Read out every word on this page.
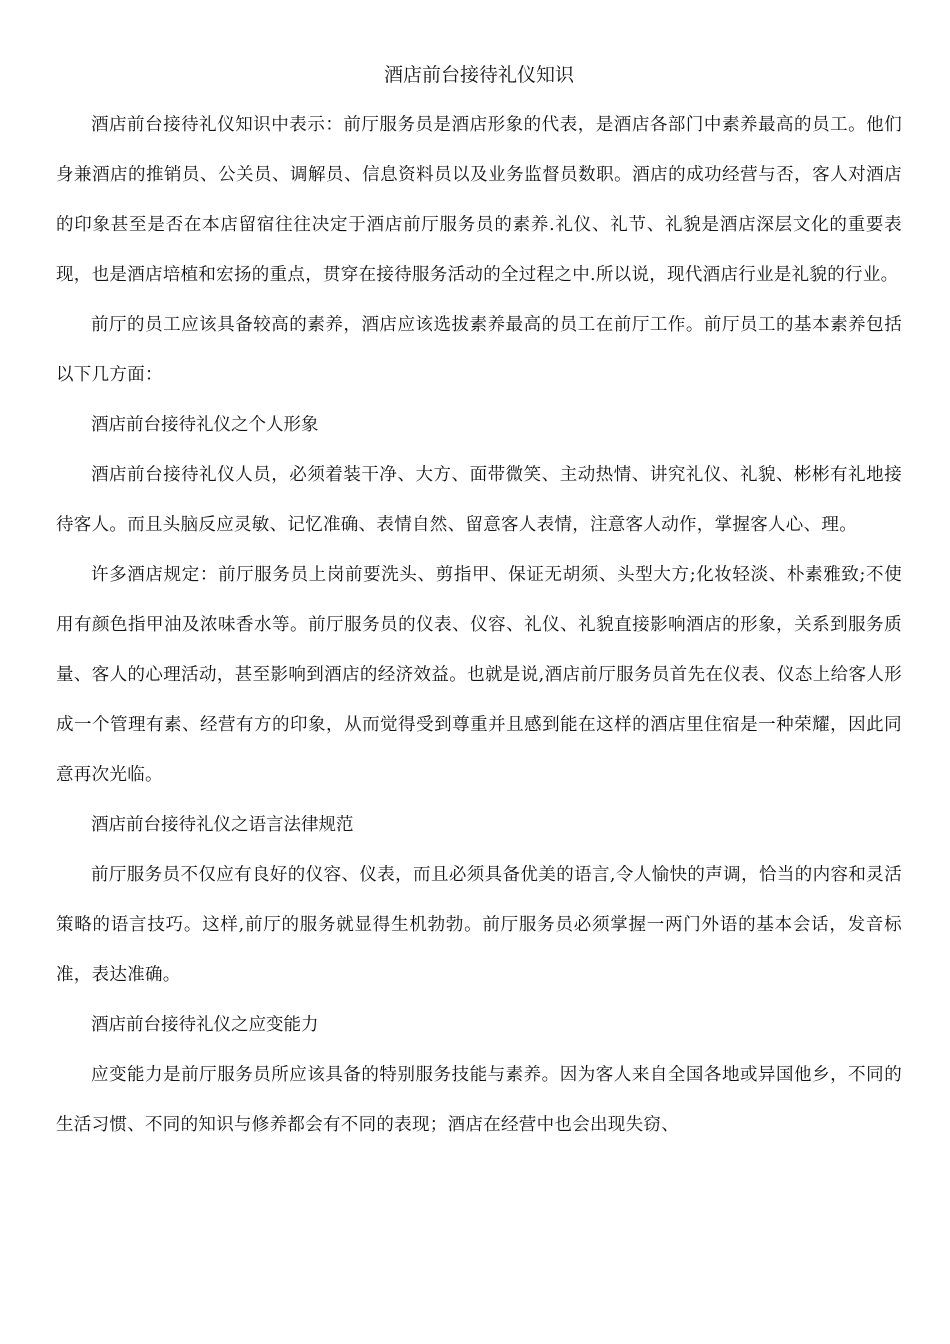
酒店前台接待礼仪知识

酒店前台接待礼仪知识中表示：前厅服务员是酒店形象的代表，是酒店各部门中素养最高的员工。他们身兼酒店的推销员、公关员、调解员、信息资料员以及业务监督员数职。酒店的成功经营与否，客人对酒店的印象甚至是否在本店留宿往往决定于酒店前厅服务员的素养.礼仪、礼节、礼貌是酒店深层文化的重要表现，也是酒店培植和宏扬的重点，贯穿在接待服务活动的全过程之中.所以说，现代酒店行业是礼貌的行业。

前厅的员工应该具备较高的素养，酒店应该选拔素养最高的员工在前厅工作。前厅员工的基本素养包括以下几方面：

酒店前台接待礼仪之个人形象

酒店前台接待礼仪人员，必须着装干净、大方、面带微笑、主动热情、讲究礼仪、礼貌、彬彬有礼地接待客人。而且头脑反应灵敏、记忆准确、表情自然、留意客人表情，注意客人动作，掌握客人心、理。

许多酒店规定：前厅服务员上岗前要洗头、剪指甲、保证无胡须、头型大方;化妆轻淡、朴素雅致;不使用有颜色指甲油及浓味香水等。前厅服务员的仪表、仪容、礼仪、礼貌直接影响酒店的形象，关系到服务质量、客人的心理活动，甚至影响到酒店的经济效益。也就是说,酒店前厅服务员首先在仪表、仪态上给客人形成一个管理有素、经营有方的印象，从而觉得受到尊重并且感到能在这样的酒店里住宿是一种荣耀，因此同意再次光临。

酒店前台接待礼仪之语言法律规范

前厅服务员不仅应有良好的仪容、仪表，而且必须具备优美的语言,令人愉快的声调，恰当的内容和灵活策略的语言技巧。这样,前厅的服务就显得生机勃勃。前厅服务员必须掌握一两门外语的基本会话，发音标准，表达准确。

酒店前台接待礼仪之应变能力

应变能力是前厅服务员所应该具备的特别服务技能与素养。因为客人来自全国各地或异国他乡，不同的生活习惯、不同的知识与修养都会有不同的表现；酒店在经营中也会出现失窃、
